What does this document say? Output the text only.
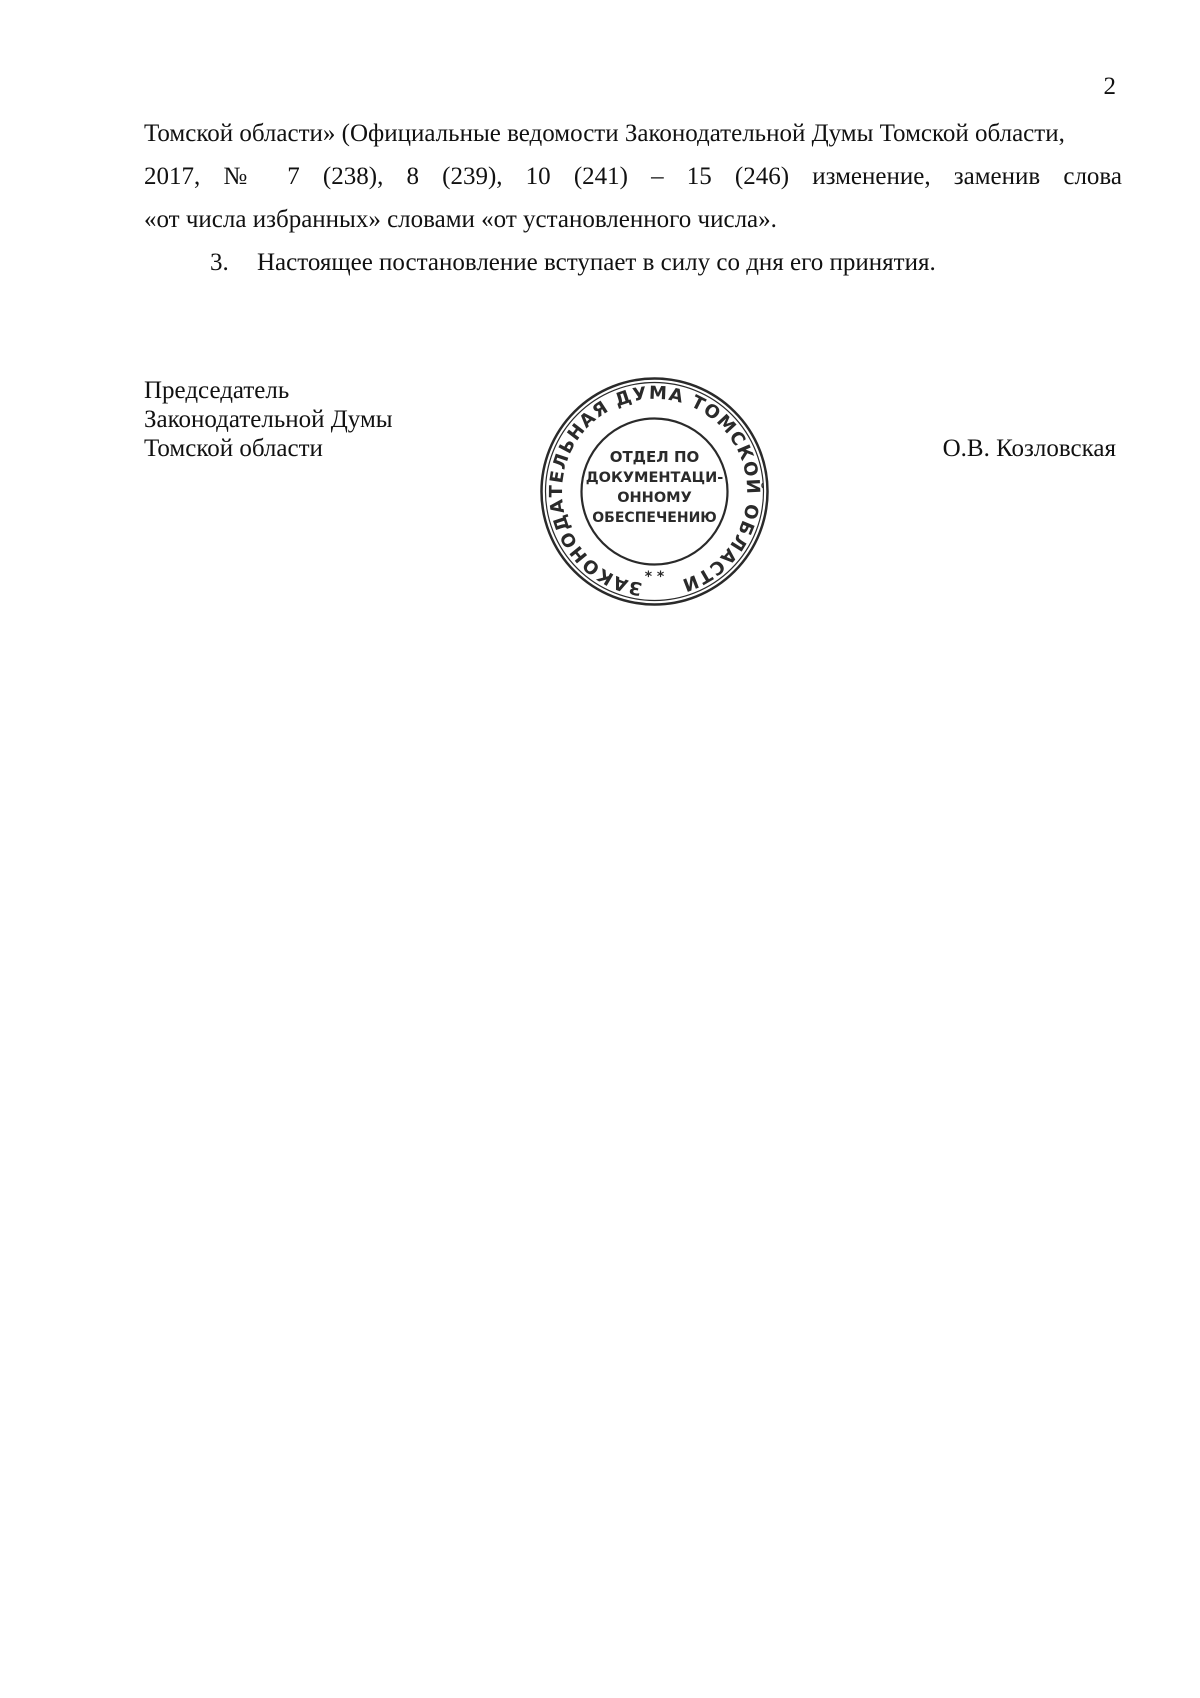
2
Томской области» (Официальные ведомости Законодательной Думы Томской области,
2017, № 7 (238), 8 (239), 10 (241) – 15 (246) изменение, заменив слова
«от числа избранных» словами «от установленного числа».
3. Настоящее постановление вступает в силу со дня его принятия.
Председатель
Законодательной Думы
Томской области
ЗАКОНОДАТЕЛЬНАЯ ДУМА ТОМСКОЙ ОБЛАСТИ
ОТДЕЛ ПО
ДОКУМЕНТАЦИ-
ОННОМУ
ОБЕСПЕЧЕНИЮ
* *
О.В. Козловская
